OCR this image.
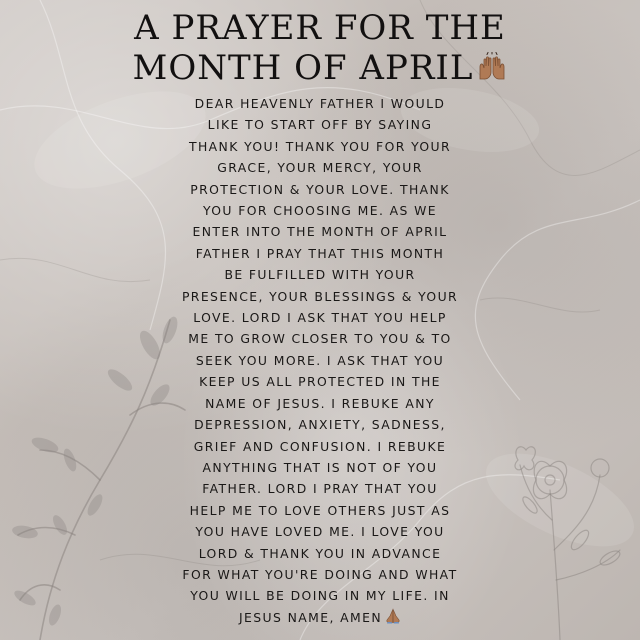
A PRAYER FOR THE
MONTH OF APRIL
DEAR HEAVENLY FATHER I WOULD
LIKE TO START OFF BY SAYING
THANK YOU! THANK YOU FOR YOUR
GRACE, YOUR MERCY, YOUR
PROTECTION & YOUR LOVE. THANK
YOU FOR CHOOSING ME. AS WE
ENTER INTO THE MONTH OF APRIL
FATHER I PRAY THAT THIS MONTH
BE FULFILLED WITH YOUR
PRESENCE, YOUR BLESSINGS & YOUR
LOVE. LORD I ASK THAT YOU HELP
ME TO GROW CLOSER TO YOU & TO
SEEK YOU MORE. I ASK THAT YOU
KEEP US ALL PROTECTED IN THE
NAME OF JESUS. I REBUKE ANY
DEPRESSION, ANXIETY, SADNESS,
GRIEF AND CONFUSION. I REBUKE
ANYTHING THAT IS NOT OF YOU
FATHER. LORD I PRAY THAT YOU
HELP ME TO LOVE OTHERS JUST AS
YOU HAVE LOVED ME. I LOVE YOU
LORD & THANK YOU IN ADVANCE
FOR WHAT YOU'RE DOING AND WHAT
YOU WILL BE DOING IN MY LIFE. IN
JESUS NAME, AMEN
